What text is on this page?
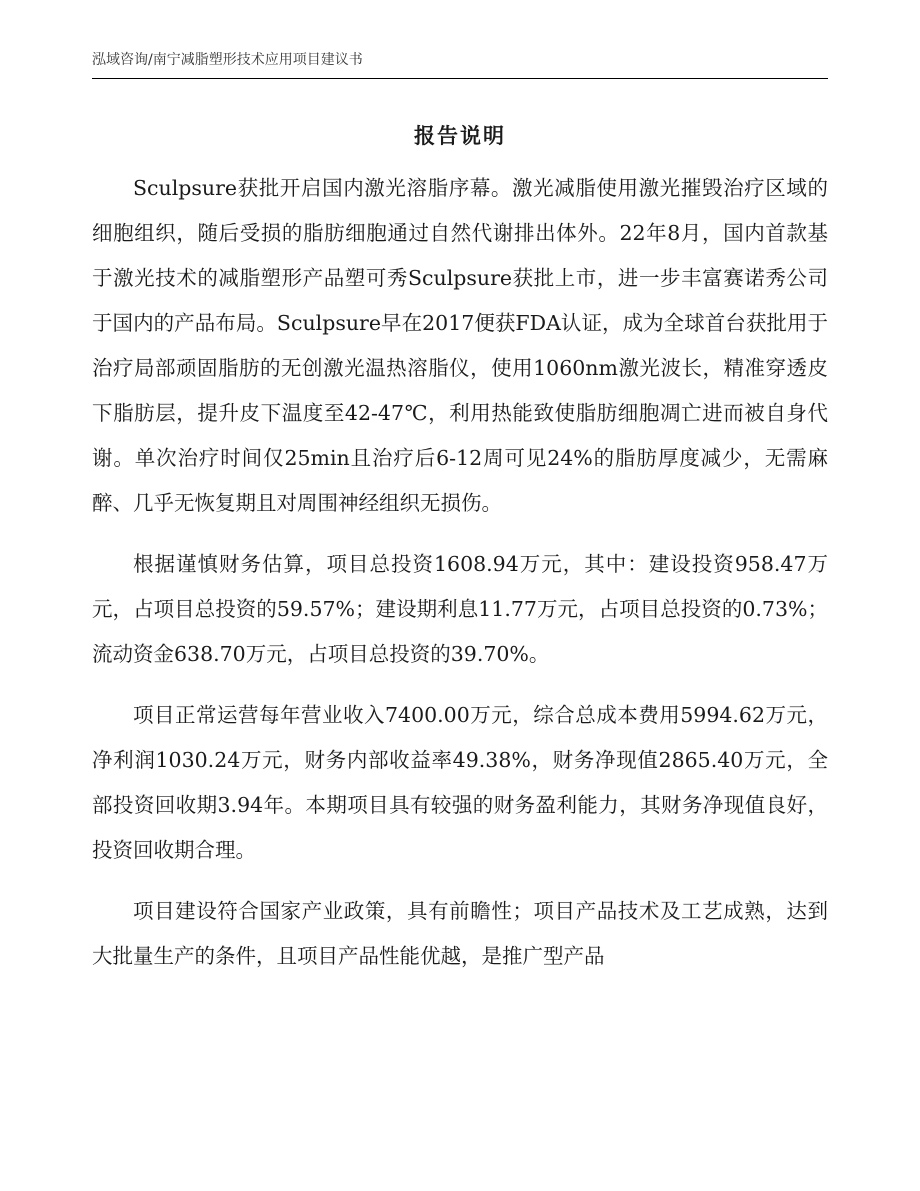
泓域咨询/南宁减脂塑形技术应用项目建议书
报告说明

Sculpsure获批开启国内激光溶脂序幕。激光减脂使用激光摧毁治疗区域的细胞组织，随后受损的脂肪细胞通过自然代谢排出体外。22年8月，国内首款基于激光技术的减脂塑形产品塑可秀Sculpsure获批上市，进一步丰富赛诺秀公司于国内的产品布局。Sculpsure早在2017便获FDA认证，成为全球首台获批用于治疗局部顽固脂肪的无创激光温热溶脂仪，使用1060nm激光波长，精准穿透皮下脂肪层，提升皮下温度至42-47℃，利用热能致使脂肪细胞凋亡进而被自身代谢。单次治疗时间仅25min且治疗后6-12周可见24%的脂肪厚度减少，无需麻醉、几乎无恢复期且对周围神经组织无损伤。

根据谨慎财务估算，项目总投资1608.94万元，其中：建设投资958.47万元，占项目总投资的59.57%；建设期利息11.77万元，占项目总投资的0.73%；流动资金638.70万元，占项目总投资的39.70%。

项目正常运营每年营业收入7400.00万元，综合总成本费用5994.62万元，净利润1030.24万元，财务内部收益率49.38%，财务净现值2865.40万元，全部投资回收期3.94年。本期项目具有较强的财务盈利能力，其财务净现值良好，投资回收期合理。

项目建设符合国家产业政策，具有前瞻性；项目产品技术及工艺成熟，达到大批量生产的条件，且项目产品性能优越，是推广型产品
